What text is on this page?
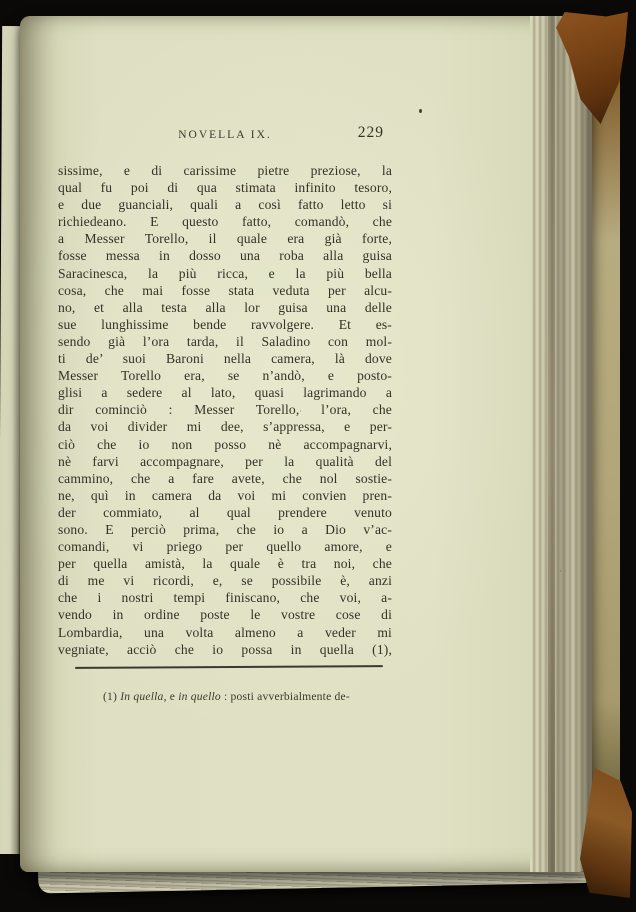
NOVELLA IX.	229
sissime, e di carissime pietre preziose, la
qual fu poi di qua stimata infinito tesoro,
e due guanciali, quali a così fatto letto si
richiedeano. E questo fatto, comandò, che
a Messer Torello, il quale era già forte,
fosse messa in dosso una roba alla guisa
Saracinesca, la più ricca, e la più bella
cosa, che mai fosse stata veduta per alcu-
no, et alla testa alla lor guisa una delle
sue lunghissime bende ravvolgere. Et es-
sendo già l’ora tarda, il Saladino con mol-
ti de’ suoi Baroni nella camera, là dove
Messer Torello era, se n’andò, e posto-
glisi a sedere al lato, quasi lagrimando a
dir cominciò : Messer Torello, l’ora, che
da voi divider mi dee, s’appressa, e per-
ciò che io non posso nè accompagnarvi,
nè farvi accompagnare, per la qualità del
cammino, che a fare avete, che nol sostie-
ne, quì in camera da voi mi convien pren-
der commiato, al qual prendere venuto
sono. E perciò prima, che io a Dio v’ac-
comandi, vi priego per quello amore, e
per quella amistà, la quale è tra noi, che
di me vi ricordi, e, se possibile è, anzi
che i nostri tempi finiscano, che voi, a-
vendo in ordine poste le vostre cose di
Lombardia, una volta almeno a veder mi
vegniate, acciò che io possa in quella (1),
(1) In quella, e in quello : posti avverbialmente de-
